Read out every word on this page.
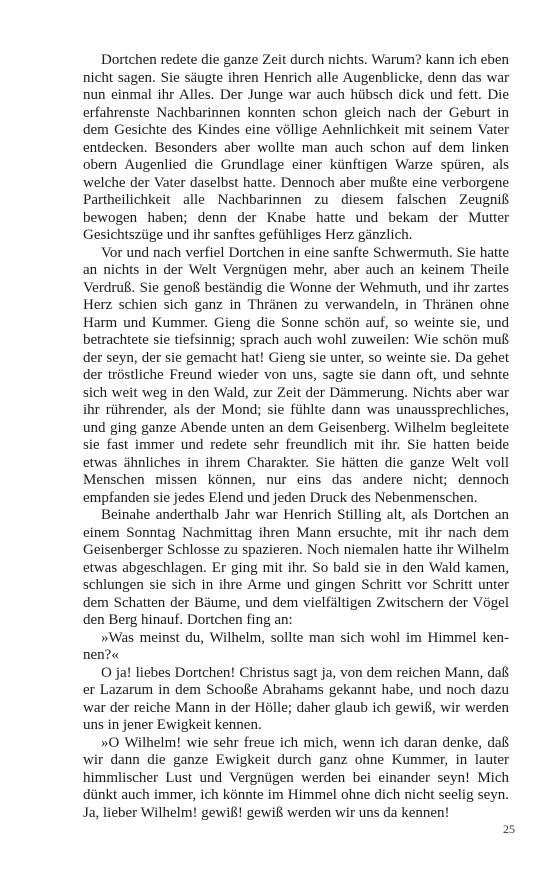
Dortchen redete die ganze Zeit durch nichts. Warum? kann ich eben nicht sagen. Sie säugte ihren Henrich alle Augenblicke, denn das war nun einmal ihr Alles. Der Junge war auch hübsch dick und fett. Die erfahrenste Nachbarinnen konnten schon gleich nach der Geburt in dem Gesichte des Kindes eine völlige Aehnlichkeit mit seinem Vater entdecken. Besonders aber wollte man auch schon auf dem linken obern Augenlied die Grundlage einer künftigen Warze spüren, als welche der Vater daselbst hatte. Dennoch aber mußte eine verborgene Partheilichkeit alle Nachbarinnen zu diesem falschen Zeugniß bewogen haben; denn der Knabe hatte und bekam der Mutter Gesichtszüge und ihr sanftes gefühliges Herz gänzlich.

Vor und nach verfiel Dortchen in eine sanfte Schwermuth. Sie hatte an nichts in der Welt Vergnügen mehr, aber auch an keinem Theile Verdruß. Sie genoß beständig die Wonne der Wehmuth, und ihr zartes Herz schien sich ganz in Thränen zu verwandeln, in Thränen ohne Harm und Kummer. Gieng die Sonne schön auf, so weinte sie, und betrachtete sie tiefsinnig; sprach auch wohl zuweilen: Wie schön muß der seyn, der sie gemacht hat! Gieng sie unter, so weinte sie. Da gehet der tröstliche Freund wieder von uns, sagte sie dann oft, und sehnte sich weit weg in den Wald, zur Zeit der Dämmerung. Nichts aber war ihr rührender, als der Mond; sie fühlte dann was unaussprechliches, und ging ganze Abende unten an dem Geisenberg. Wilhelm begleitete sie fast immer und redete sehr freundlich mit ihr. Sie hatten beide etwas ähnliches in ihrem Charakter. Sie hätten die ganze Welt voll Menschen missen können, nur eins das andere nicht; dennoch empfanden sie jedes Elend und jeden Druck des Nebenmenschen.

Beinahe anderthalb Jahr war Henrich Stilling alt, als Dortchen an einem Sonntag Nachmittag ihren Mann ersuchte, mit ihr nach dem Geisenberger Schlosse zu spazieren. Noch niemalen hatte ihr Wilhelm etwas abgeschlagen. Er ging mit ihr. So bald sie in den Wald kamen, schlungen sie sich in ihre Arme und gingen Schritt vor Schritt unter dem Schatten der Bäume, und dem vielfältigen Zwitschern der Vögel den Berg hinauf. Dortchen fing an:

»Was meinst du, Wilhelm, sollte man sich wohl im Himmel kennen?«

O ja! liebes Dortchen! Christus sagt ja, von dem reichen Mann, daß er Lazarum in dem Schooße Abrahams gekannt habe, und noch dazu war der reiche Mann in der Hölle; daher glaub ich gewiß, wir werden uns in jener Ewigkeit kennen.

»O Wilhelm! wie sehr freue ich mich, wenn ich daran denke, daß wir dann die ganze Ewigkeit durch ganz ohne Kummer, in lauter himmlischer Lust und Vergnügen werden bei einander seyn! Mich dünkt auch immer, ich könnte im Himmel ohne dich nicht seelig seyn. Ja, lieber Wilhelm! gewiß! gewiß werden wir uns da kennen!

25
